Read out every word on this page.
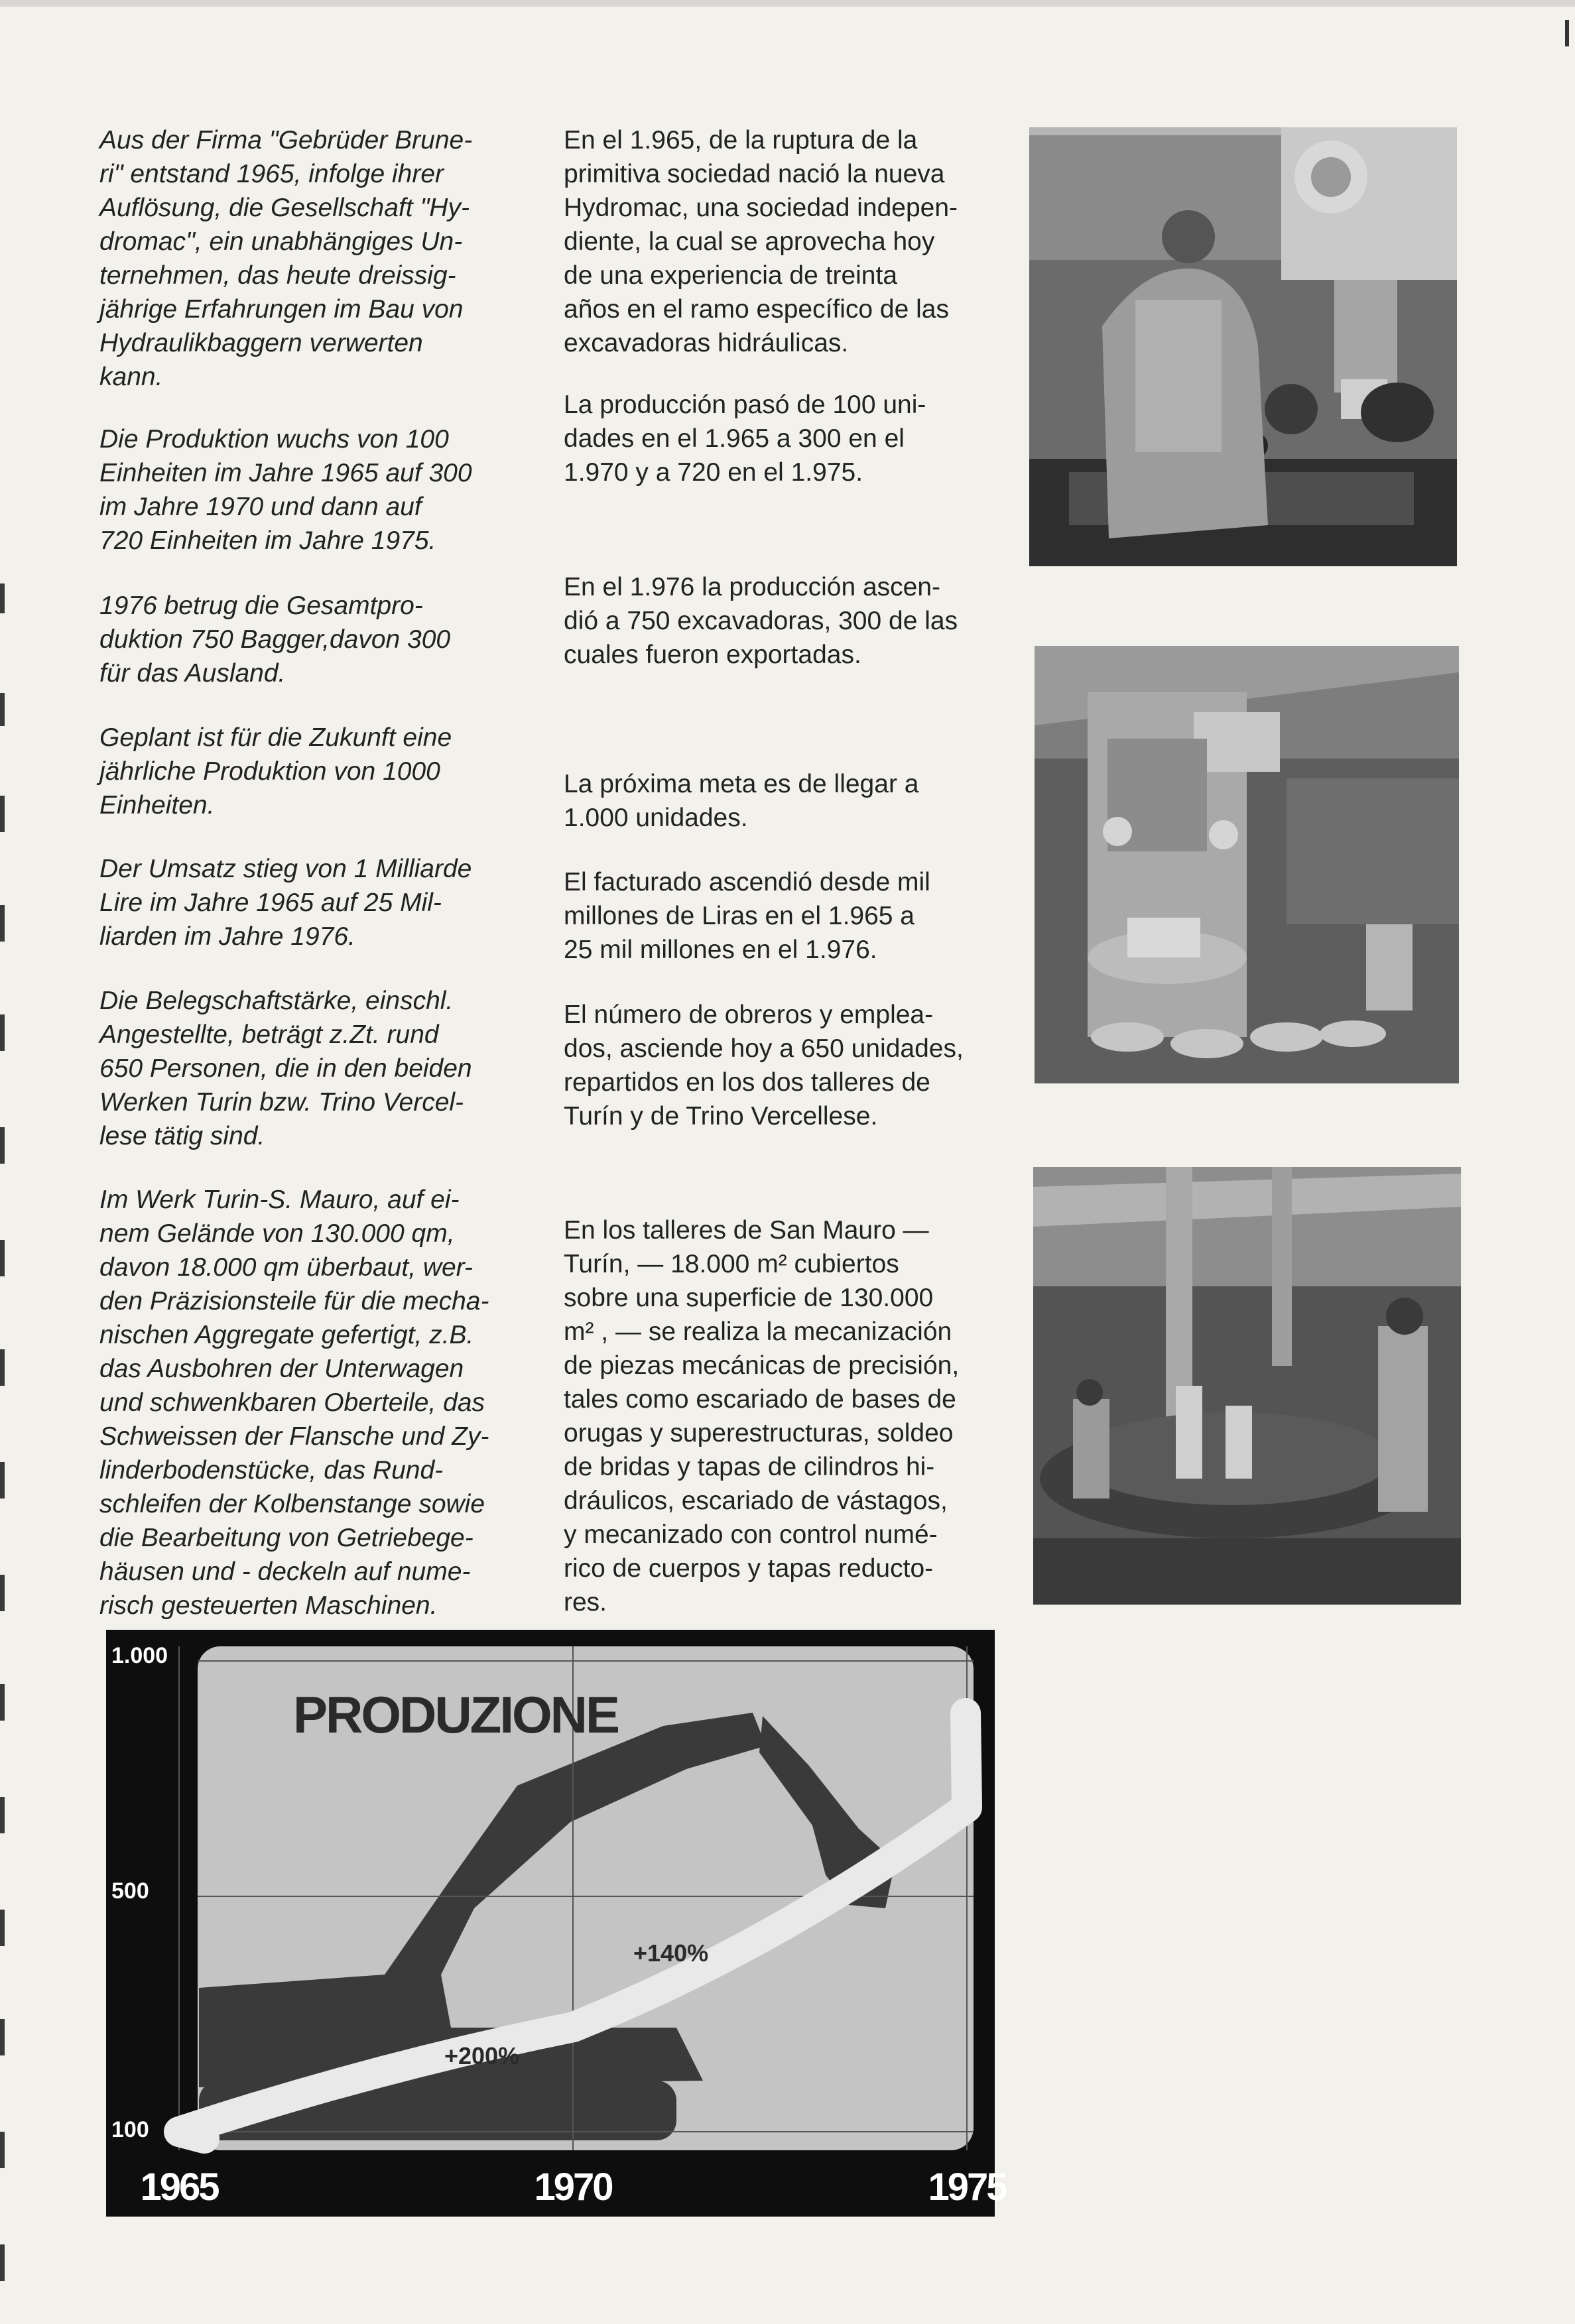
Aus der Firma "Gebrüder Brune-
ri" entstand 1965, infolge ihrer
Auflösung, die Gesellschaft "Hy-
dromac", ein unabhängiges Un-
ternehmen, das heute dreissig-
jährige Erfahrungen im Bau von
Hydraulikbaggern verwerten
kann.

Die Produktion wuchs von 100
Einheiten im Jahre 1965 auf 300
im Jahre 1970 und dann auf
720 Einheiten im Jahre 1975.

1976 betrug die Gesamtpro-
duktion 750 Bagger,davon 300
für das Ausland.

Geplant ist für die Zukunft eine
jährliche Produktion von 1000
Einheiten.

Der Umsatz stieg von 1 Milliarde
Lire im Jahre 1965 auf 25 Mil-
liarden im Jahre 1976.

Die Belegschaftstärke, einschl.
Angestellte, beträgt z.Zt. rund
650 Personen, die in den beiden
Werken Turin bzw. Trino Vercel-
lese tätig sind.

Im Werk Turin-S. Mauro, auf ei-
nem Gelände von 130.000 qm,
davon 18.000 qm überbaut, wer-
den Präzisionsteile für die mecha-
nischen Aggregate gefertigt, z.B.
das Ausbohren der Unterwagen
und schwenkbaren Oberteile, das
Schweissen der Flansche und Zy-
linderbodenstücke, das Rund-
schleifen der Kolbenstange sowie
die Bearbeitung von Getriebege-
häusen und - deckeln auf nume-
risch gesteuerten Maschinen.

En el 1.965, de la ruptura de la
primitiva sociedad nació la nueva
Hydromac, una sociedad indepen-
diente, la cual se aprovecha hoy
de una experiencia de treinta
años en el ramo específico de las
excavadoras hidráulicas.

La producción pasó de 100 uni-
dades en el 1.965 a 300 en el
1.970 y a 720 en el 1.975.

En el 1.976 la producción ascen-
dió a 750 excavadoras, 300 de las
cuales fueron exportadas.

La próxima meta es de llegar a
1.000 unidades.

El facturado ascendió desde mil
millones de Liras en el 1.965 a
25 mil millones en el 1.976.

El número de obreros y emplea-
dos, asciende hoy a 650 unidades,
repartidos en los dos talleres de
Turín y de Trino Vercellese.

En los talleres de San Mauro —
Turín, — 18.000 m² cubiertos
sobre una superficie de 130.000
m² , — se realiza la mecanización
de piezas mecánicas de precisión,
tales como escariado de bases de
orugas y superestructuras, soldeo
de bridas y tapas de cilindros hi-
dráulicos, escariado de vástagos,
y mecanizado con control numé-
rico de cuerpos y tapas reducto-
res.

PRODUZIONE
+200%
+140%
1.000
500
100
1965	1970	1975
